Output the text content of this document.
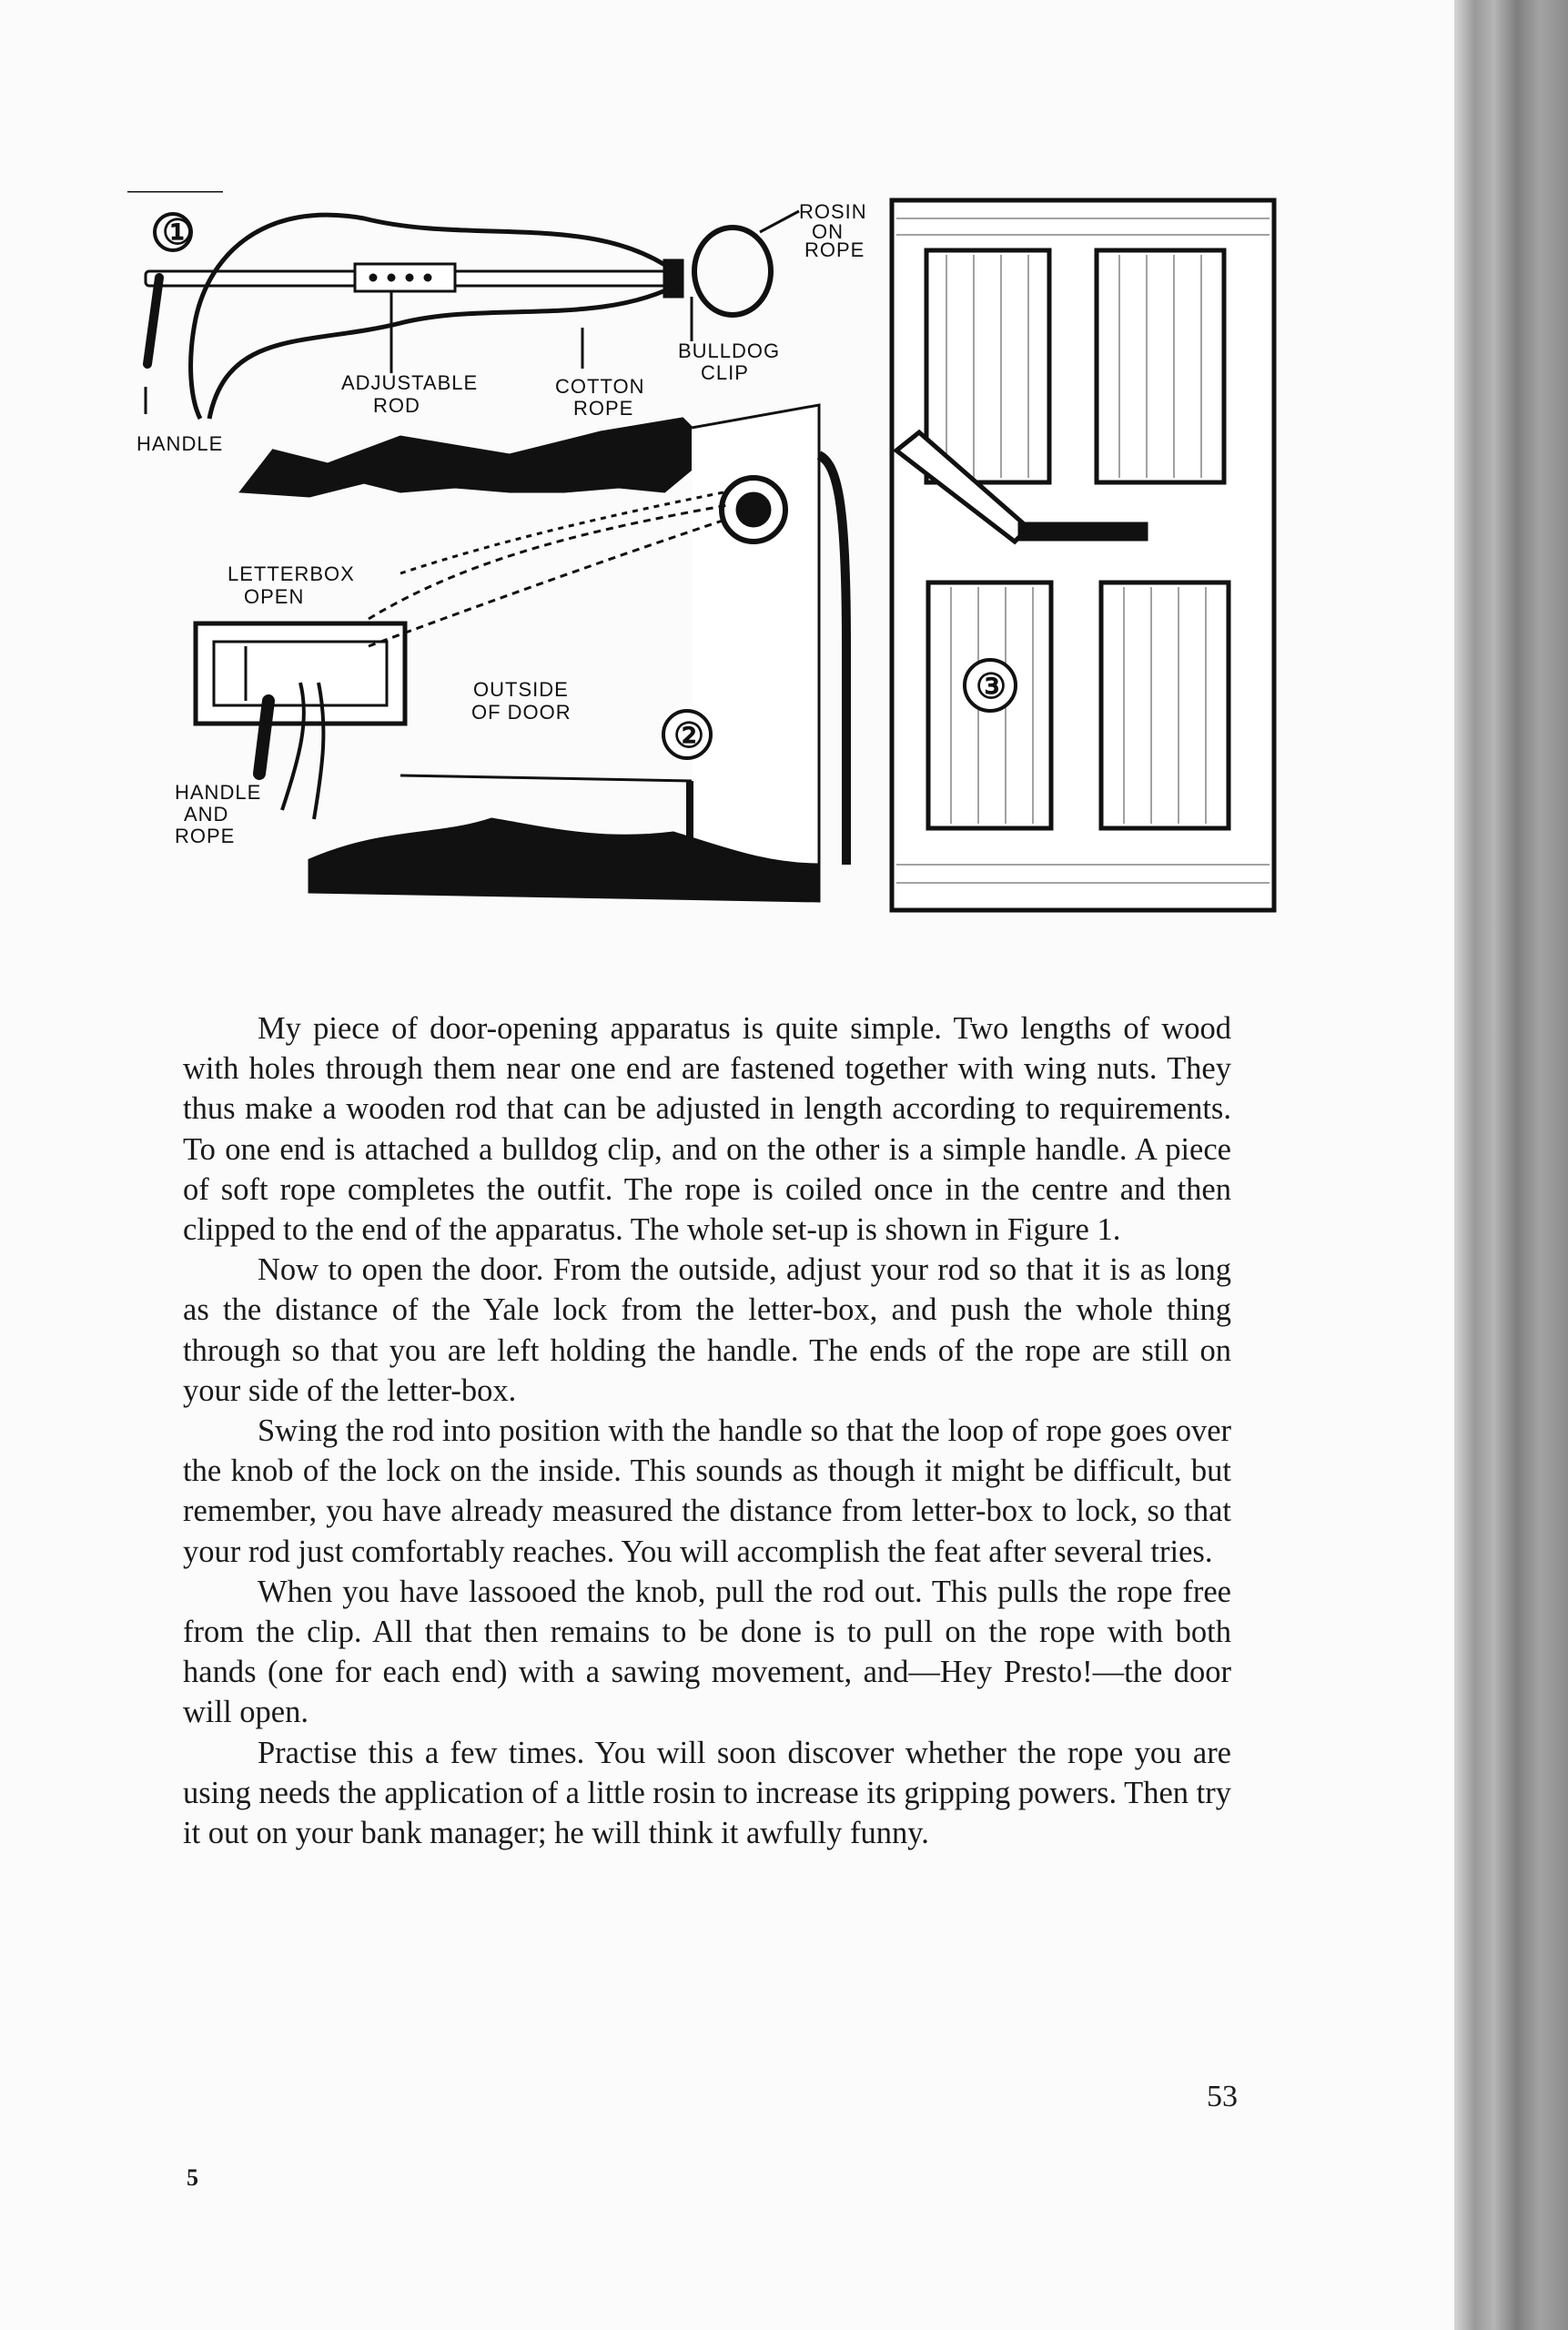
①
ROSIN
ON
ROPE
BULLDOG
CLIP
ADJUSTABLE
ROD
COTTON
ROPE
HANDLE
②
LETTERBOX
OPEN
OUTSIDE
OF DOOR
HANDLE
AND
ROPE
③

My piece of door-opening apparatus is quite simple. Two lengths of wood with holes through them near one end are fastened together with wing nuts. They thus make a wooden rod that can be adjusted in length according to requirements. To one end is attached a bulldog clip, and on the other is a simple handle. A piece of soft rope completes the outfit. The rope is coiled once in the centre and then clipped to the end of the apparatus. The whole set-up is shown in Figure 1.

Now to open the door. From the outside, adjust your rod so that it is as long as the distance of the Yale lock from the letter-box, and push the whole thing through so that you are left holding the handle. The ends of the rope are still on your side of the letter-box.

Swing the rod into position with the handle so that the loop of rope goes over the knob of the lock on the inside. This sounds as though it might be difficult, but remember, you have already measured the distance from letter-box to lock, so that your rod just comfortably reaches. You will accomplish the feat after several tries.

When you have lassooed the knob, pull the rod out. This pulls the rope free from the clip. All that then remains to be done is to pull on the rope with both hands (one for each end) with a sawing movement, and—Hey Presto!—the door will open.

Practise this a few times. You will soon discover whether the rope you are using needs the application of a little rosin to increase its gripping powers. Then try it out on your bank manager; he will think it awfully funny.

53
5
